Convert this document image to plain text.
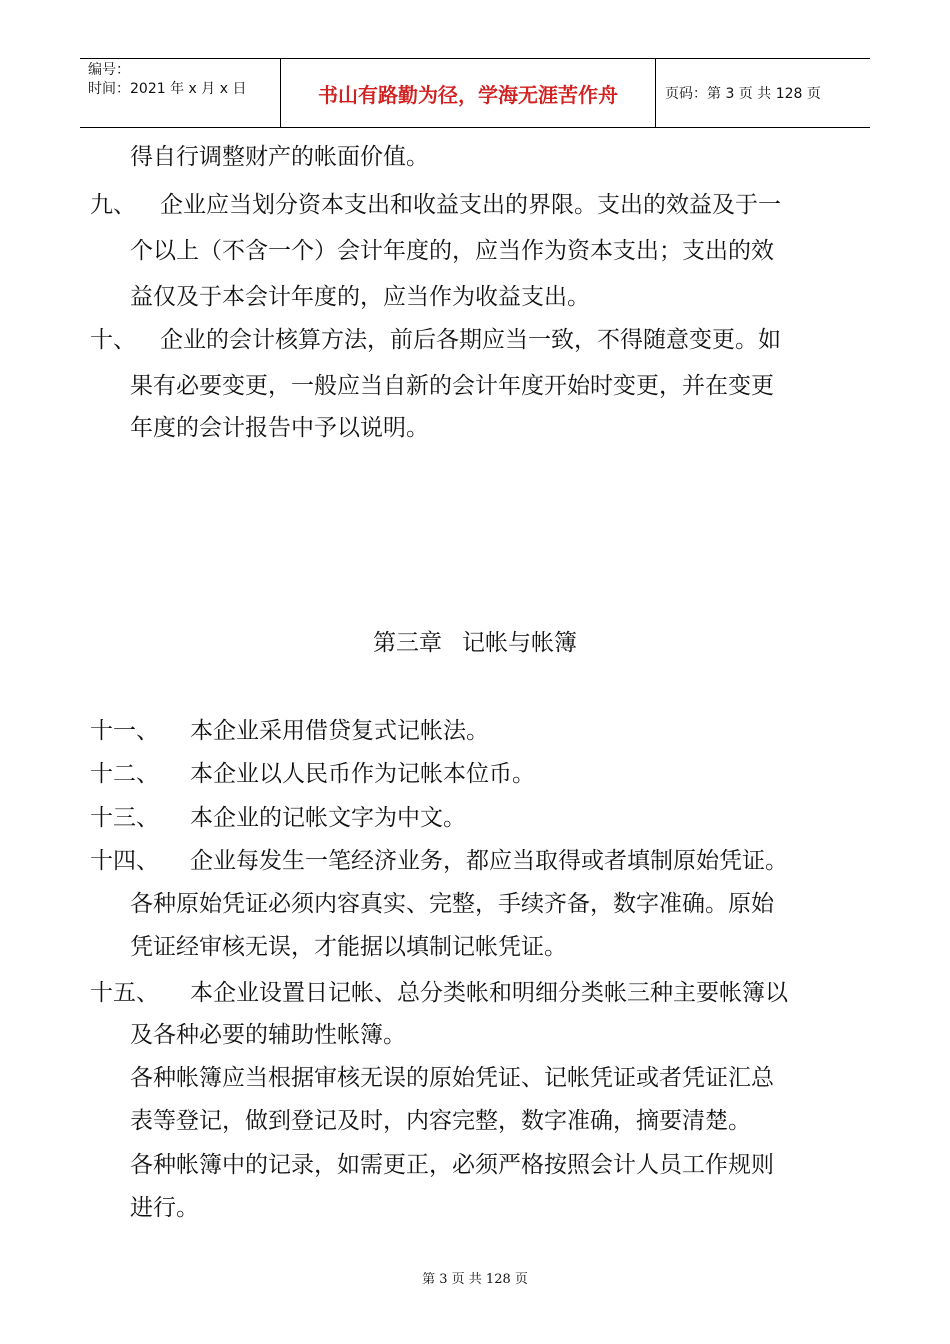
编号：
时间：2021 年 x 月 x 日	书山有路勤为径，学海无涯苦作舟	页码：第 3 页 共 128 页
得自行调整财产的帐面价值。
九、 企业应当划分资本支出和收益支出的界限。支出的效益及于一
个以上（不含一个）会计年度的，应当作为资本支出；支出的效
益仅及于本会计年度的，应当作为收益支出。
十、 企业的会计核算方法，前后各期应当一致，不得随意变更。如
果有必要变更，一般应当自新的会计年度开始时变更，并在变更
年度的会计报告中予以说明。
第三章 记帐与帐簿
十一、 本企业采用借贷复式记帐法。
十二、 本企业以人民币作为记帐本位币。
十三、 本企业的记帐文字为中文。
十四、 企业每发生一笔经济业务，都应当取得或者填制原始凭证。
各种原始凭证必须内容真实、完整，手续齐备，数字准确。原始
凭证经审核无误，才能据以填制记帐凭证。
十五、 本企业设置日记帐、总分类帐和明细分类帐三种主要帐簿以
及各种必要的辅助性帐簿。
各种帐簿应当根据审核无误的原始凭证、记帐凭证或者凭证汇总
表等登记，做到登记及时，内容完整，数字准确，摘要清楚。
各种帐簿中的记录，如需更正，必须严格按照会计人员工作规则
进行。
第 3 页 共 128 页
